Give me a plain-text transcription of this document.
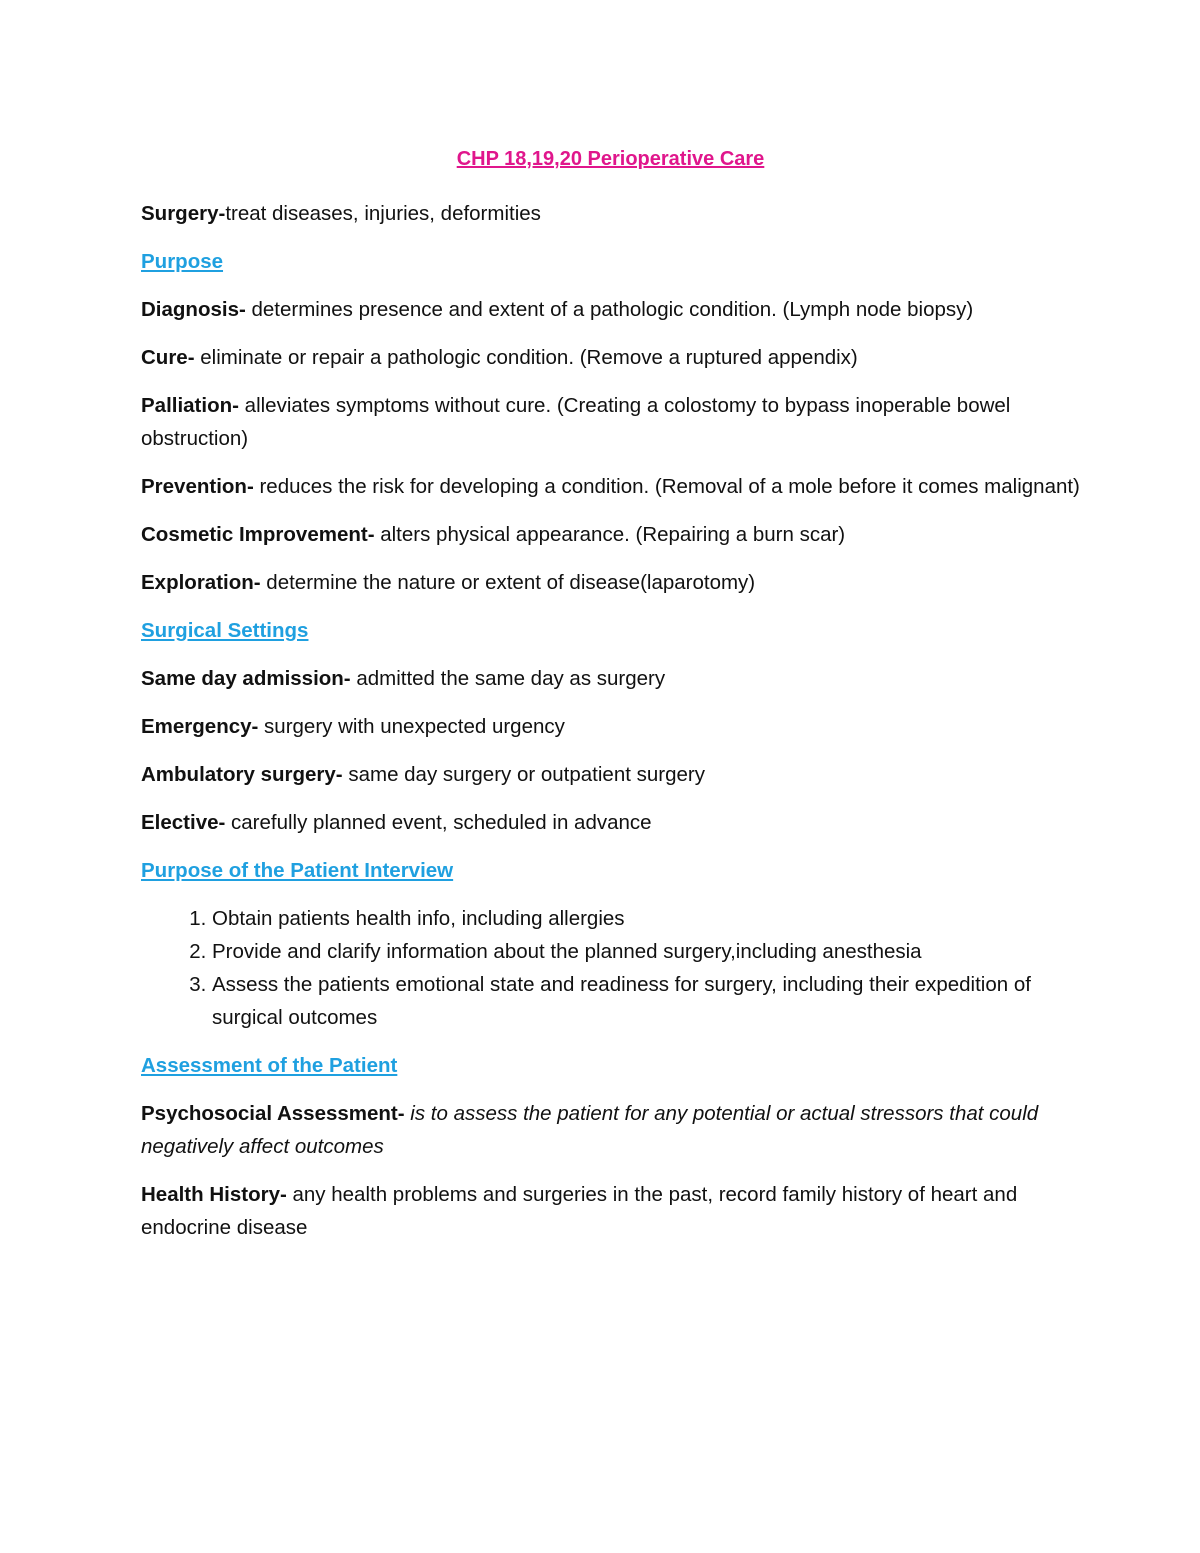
CHP 18,19,20 Perioperative Care

Surgery-treat diseases, injuries, deformities

Purpose

Diagnosis- determines presence and extent of a pathologic condition. (Lymph node biopsy)

Cure- eliminate or repair a pathologic condition. (Remove a ruptured appendix)

Palliation- alleviates symptoms without cure. (Creating a colostomy to bypass inoperable bowel obstruction)

Prevention- reduces the risk for developing a condition. (Removal of a mole before it comes malignant)

Cosmetic Improvement- alters physical appearance. (Repairing a burn scar)

Exploration- determine the nature or extent of disease(laparotomy)

Surgical Settings

Same day admission- admitted the same day as surgery

Emergency- surgery with unexpected urgency

Ambulatory surgery- same day surgery or outpatient surgery

Elective- carefully planned event, scheduled in advance

Purpose of the Patient Interview
1. Obtain patients health info, including allergies
2. Provide and clarify information about the planned surgery,including anesthesia
3. Assess the patients emotional state and readiness for surgery, including their expedition of surgical outcomes
Assessment of the Patient

Psychosocial Assessment- is to assess the patient for any potential or actual stressors that could negatively affect outcomes

Health History- any health problems and surgeries in the past, record family history of heart and endocrine disease
